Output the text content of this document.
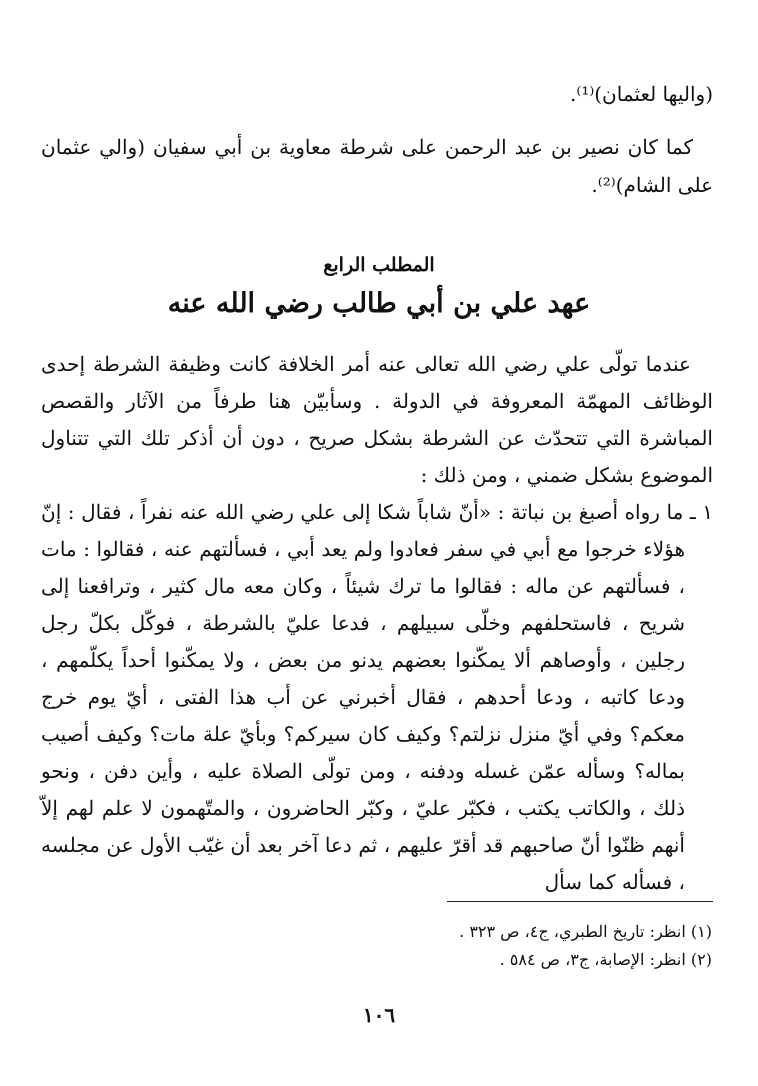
(واليها لعثمان)⁽¹⁾.

كما كان نصير بن عبد الرحمن على شرطة معاوية بن أبي سفيان (والي عثمان على الشام)⁽²⁾.

المطلب الرابع
عهد علي بن أبي طالب رضي الله عنه

عندما تولّى علي رضي الله تعالى عنه أمر الخلافة كانت وظيفة الشرطة إحدى الوظائف المهمّة المعروفة في الدولة . وسأبيّن هنا طرفاً من الآثار والقصص المباشرة التي تتحدّث عن الشرطة بشكل صريح ، دون أن أذكر تلك التي تتناول الموضوع بشكل ضمني ، ومن ذلك :

١ ـ ما رواه أصبغ بن نباتة : «أنّ شاباً شكا إلى علي رضي الله عنه نفراً ، فقال : إنّ هؤلاء خرجوا مع أبي في سفر فعادوا ولم يعد أبي ، فسألتهم عنه ، فقالوا : مات ، فسألتهم عن ماله : فقالوا ما ترك شيئاً ، وكان معه مال كثير ، وترافعنا إلى شريح ، فاستحلفهم وخلّى سبيلهم ، فدعا عليّ بالشرطة ، فوكّل بكلّ رجل رجلين ، وأوصاهم ألا يمكّنوا بعضهم يدنو من بعض ، ولا يمكّنوا أحداً يكلّمهم ، ودعا كاتبه ، ودعا أحدهم ، فقال أخبرني عن أب هذا الفتى ، أيّ يوم خرج معكم؟ وفي أيّ منزل نزلتم؟ وكيف كان سيركم؟ وبأيّ علة مات؟ وكيف أصيب بماله؟ وسأله عمّن غسله ودفنه ، ومن تولّى الصلاة عليه ، وأين دفن ، ونحو ذلك ، والكاتب يكتب ، فكبّر عليّ ، وكبّر الحاضرون ، والمتّهمون لا علم لهم إلاّ أنهم ظنّوا أنّ صاحبهم قد أقرّ عليهم ، ثم دعا آخر بعد أن غيّب الأول عن مجلسه ، فسأله كما سأل

(١) انظر: تاريخ الطبري، ج٤، ص ٣٢٣ .

(٢) انظر: الإصابة، ج٣، ص ٥٨٤ .

١٠٦
